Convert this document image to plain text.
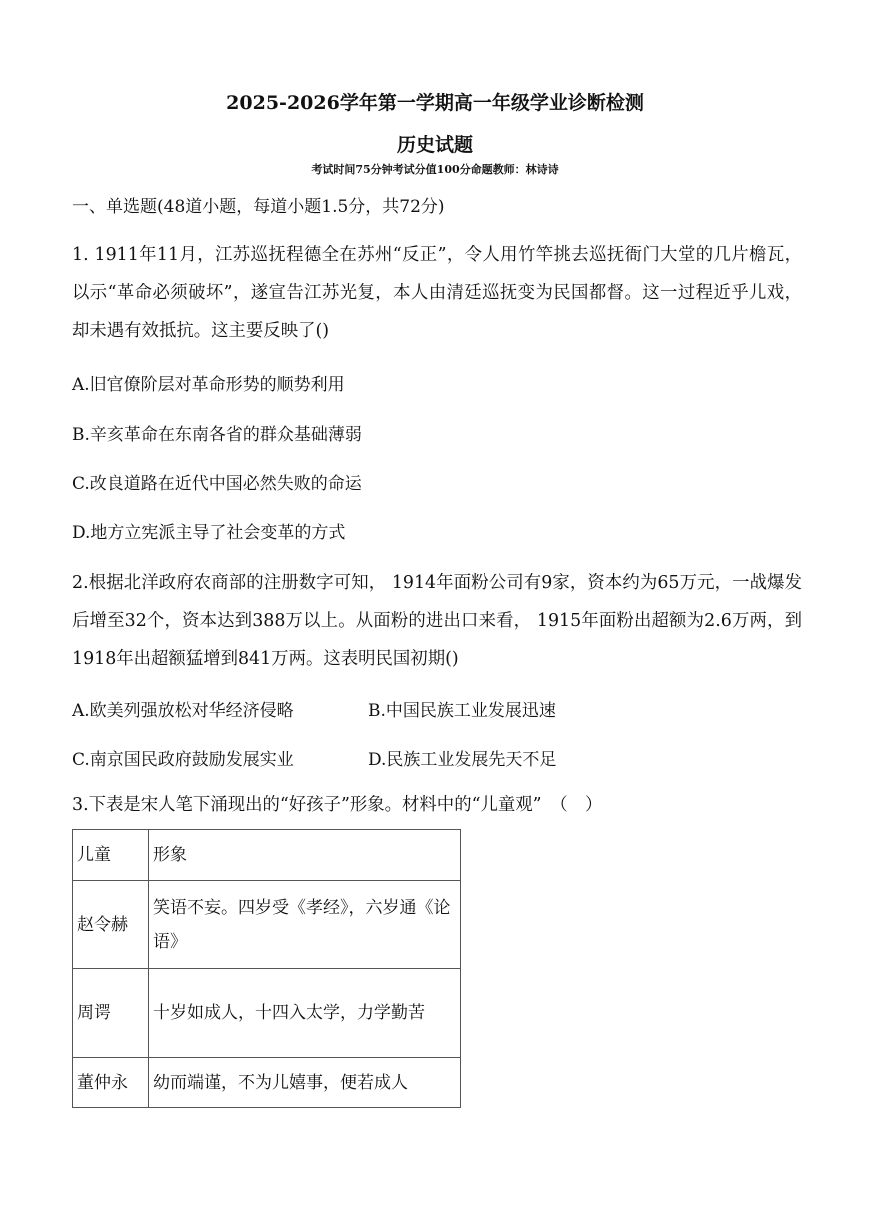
2025-2026学年第一学期高一年级学业诊断检测
历史试题
考试时间75分钟考试分值100分命题教师：林诗诗
一、单选题(48道小题，每道小题1.5分，共72分)
1. 1911年11月，江苏巡抚程德全在苏州“反正”，令人用竹竿挑去巡抚衙门大堂的几片檐瓦，以示“革命必须破坏”，遂宣告江苏光复，本人由清廷巡抚变为民国都督。这一过程近乎儿戏，却未遇有效抵抗。这主要反映了()
A.旧官僚阶层对革命形势的顺势利用
B.辛亥革命在东南各省的群众基础薄弱
C.改良道路在近代中国必然失败的命运
D.地方立宪派主导了社会变革的方式
2.根据北洋政府农商部的注册数字可知， 1914年面粉公司有9家，资本约为65万元，一战爆发后增至32个，资本达到388万以上。从面粉的进出口来看， 1915年面粉出超额为2.6万两，到1918年出超额猛增到841万两。这表明民国初期()
A.欧美列强放松对华经济侵略	B.中国民族工业发展迅速
C.南京国民政府鼓励发展实业	D.民族工业发展先天不足
3.下表是宋人笔下涌现出的“好孩子”形象。材料中的“儿童观”　（　）
儿童	形象
赵令赫	笑语不妄。四岁受《孝经》，六岁通《论语》
周谔	十岁如成人，十四入太学，力学勤苦
董仲永	幼而端谨，不为儿嬉事，便若成人
